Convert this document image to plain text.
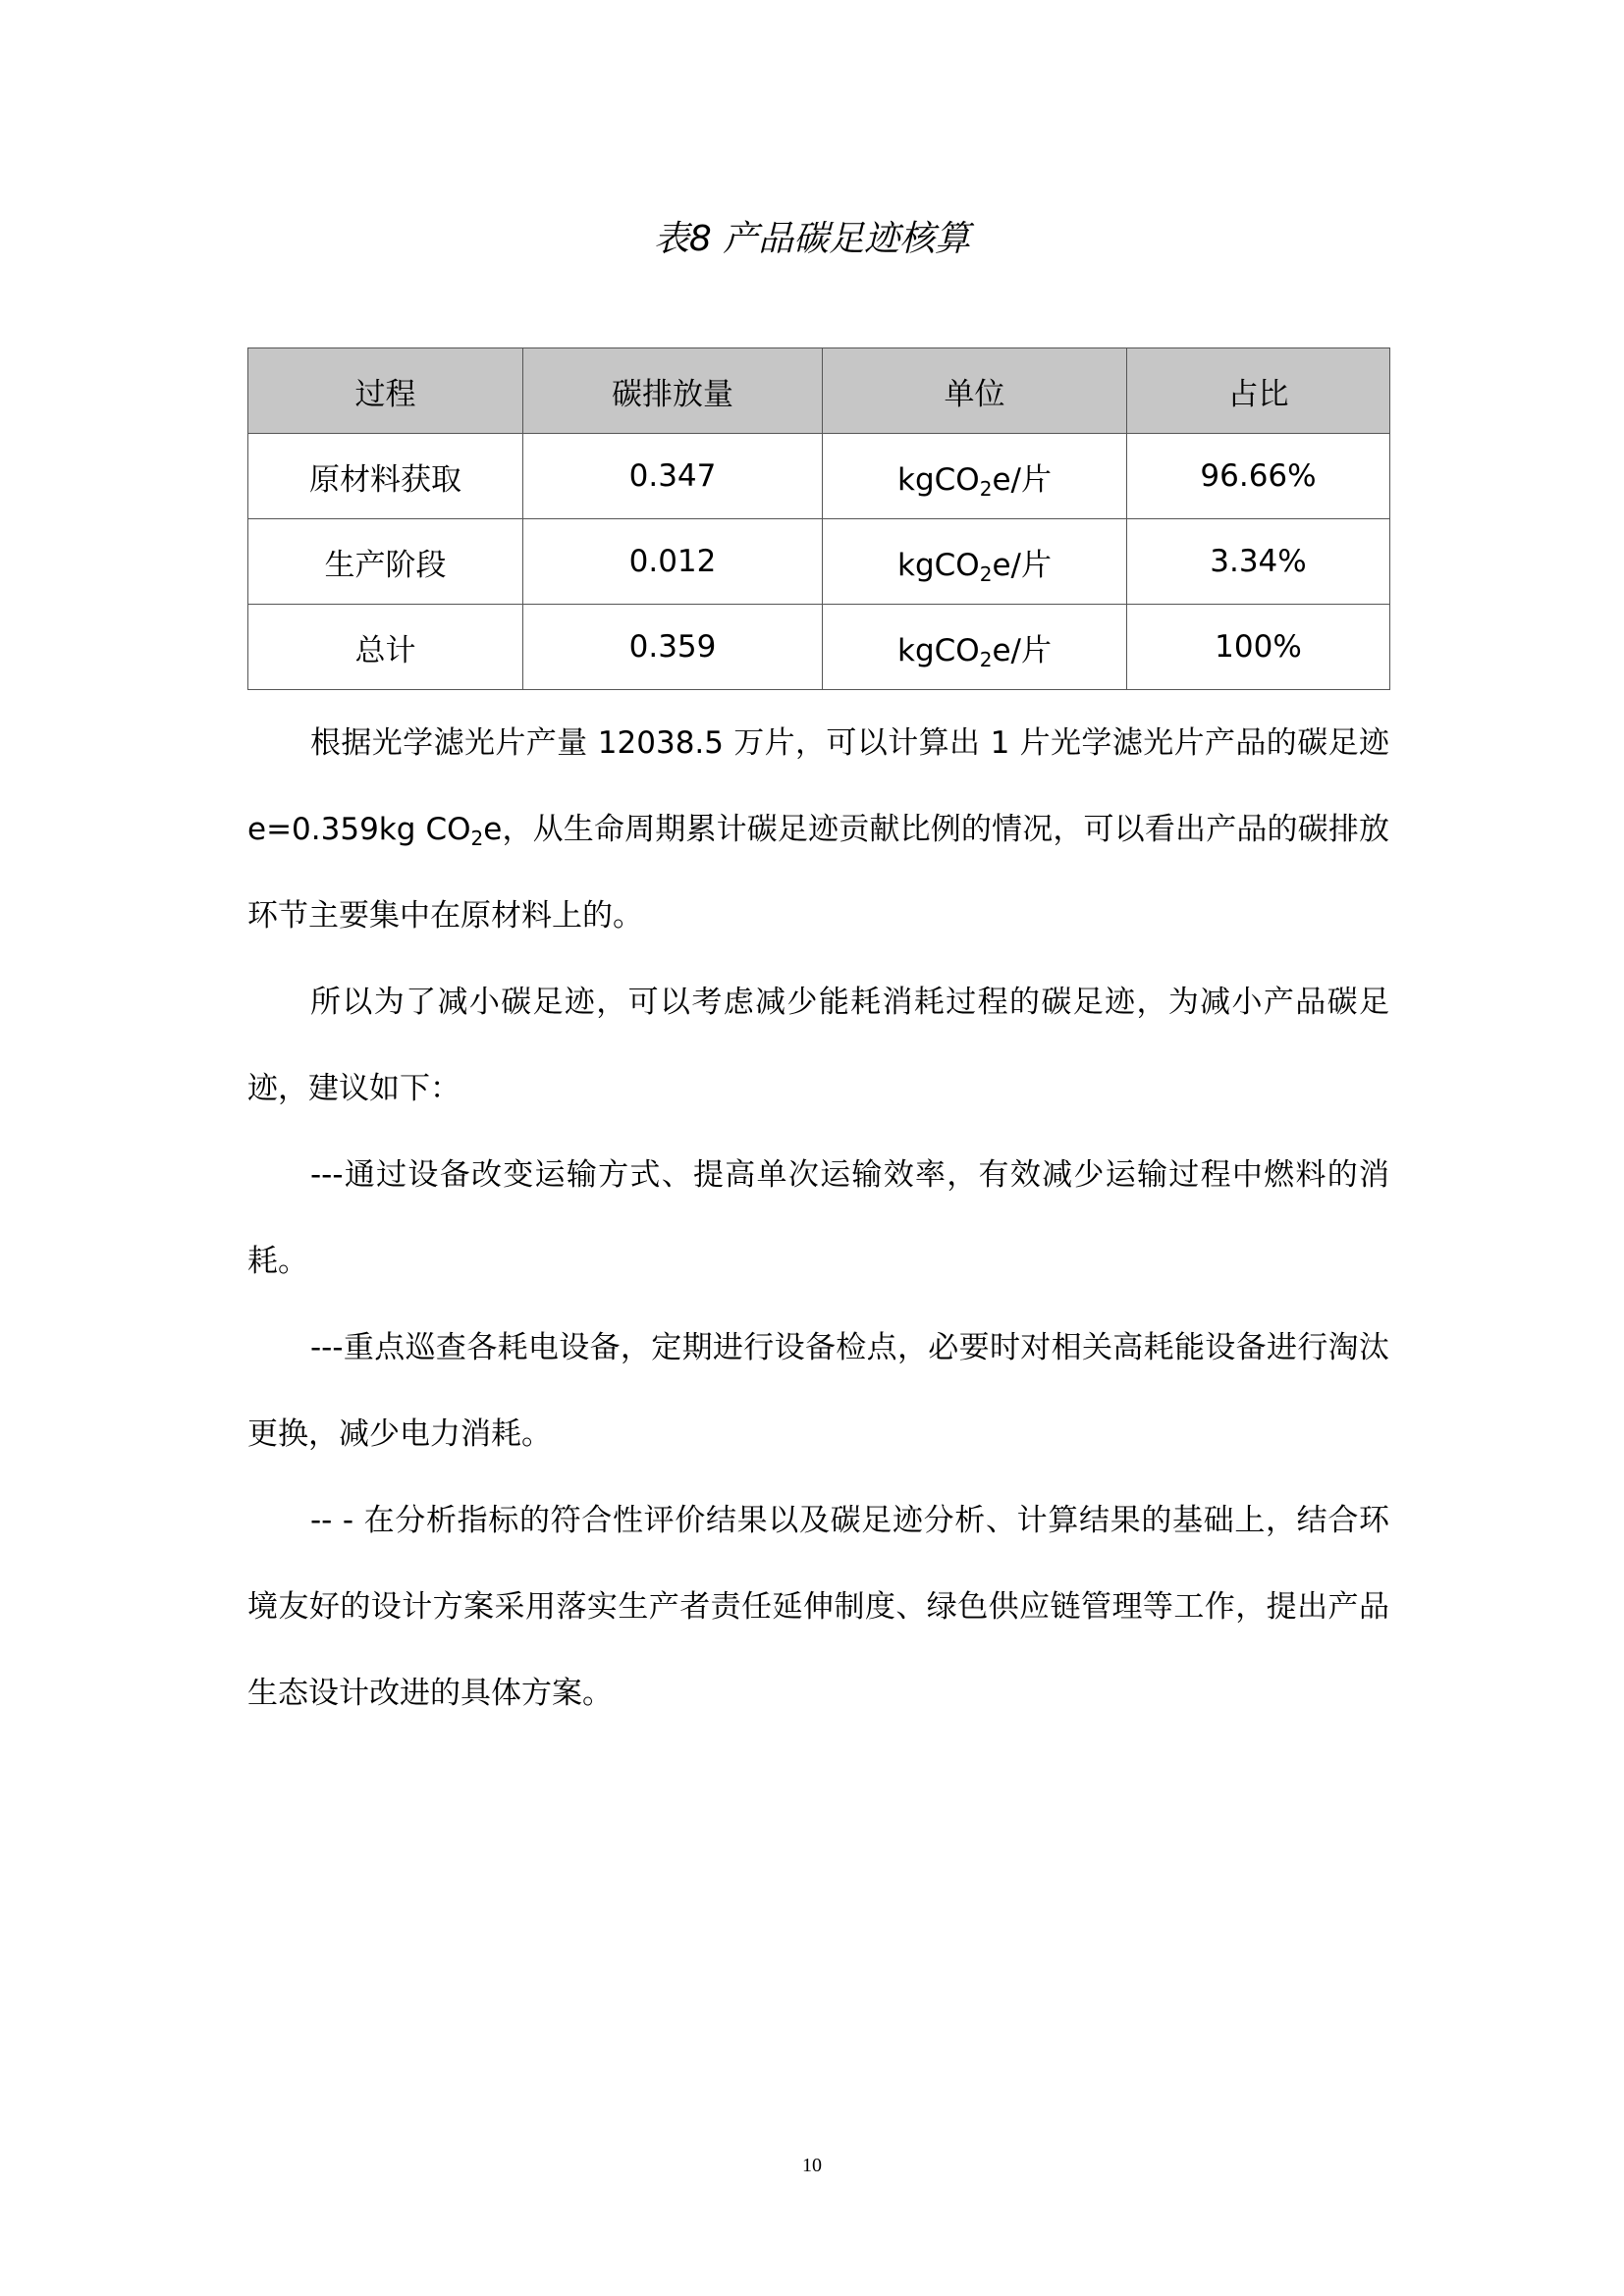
表8 产品碳足迹核算
过程	碳排放量	单位	占比
原材料获取	0.347	kgCO$_2$e/片	96.66%
生产阶段	0.012	kgCO$_2$e/片	3.34%
总计	0.359	kgCO$_2$e/片	100%

根据光学滤光片产量 12038.5 万片，可以计算出 1 片光学滤光片产品的碳足迹 e=0.359kg $CO_2e$，从生命周期累计碳足迹贡献比例的情况，可以看出产品的碳排放环节主要集中在原材料上的。

所以为了减小碳足迹，可以考虑减少能耗消耗过程的碳足迹，为减小产品碳足迹，建议如下：

---通过设备改变运输方式、提高单次运输效率，有效减少运输过程中燃料的消耗。

---重点巡查各耗电设备，定期进行设备检点，必要时对相关高耗能设备进行淘汰更换，减少电力消耗。

-- - 在分析指标的符合性评价结果以及碳足迹分析、计算结果的基础上，结合环境友好的设计方案采用落实生产者责任延伸制度、绿色供应链管理等工作，提出产品生态设计改进的具体方案。

10
